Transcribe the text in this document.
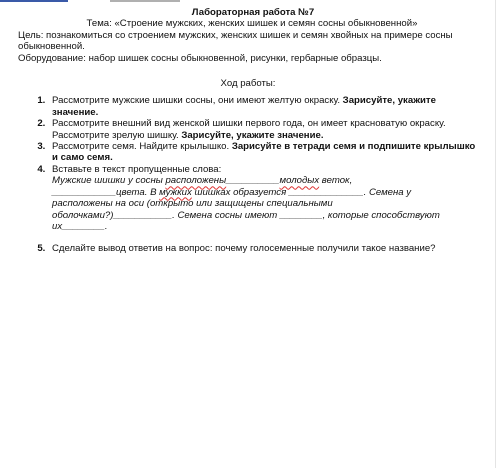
Лабораторная работа №7
Тема: «Строение мужских, женских шишек и семян сосны обыкновенной»

Цель: познакомиться со строением мужских, женских шишек и семян хвойных на примере сосны обыкновенной.

Оборудование: набор шишек сосны обыкновенной, рисунки, гербарные образцы.

Ход работы:
1. Рассмотрите мужские шишки сосны, они имеют желтую окраску. Зарисуйте, укажите значение.
2. Рассмотрите внешний вид женской шишки первого года, он имеет красноватую окраску. Рассмотрите зрелую шишку. Зарисуйте, укажите значение.
3. Рассмотрите семя. Найдите крылышко. Зарисуйте в тетради семя и подпишите крылышко и само семя.
4. Вставьте в текст пропущенные слова:
Мужские шишки у сосны расположены__________молодых веток,
____________цвета. В мужких шишках образуется ______________. Семена у
расположены на оси (открыто или защищены специальными
оболочками?)___________. Семена сосны имеют ________, которые способствуют
их________.
5. Сделайте вывод ответив на вопрос: почему голосеменные получили такое название?
